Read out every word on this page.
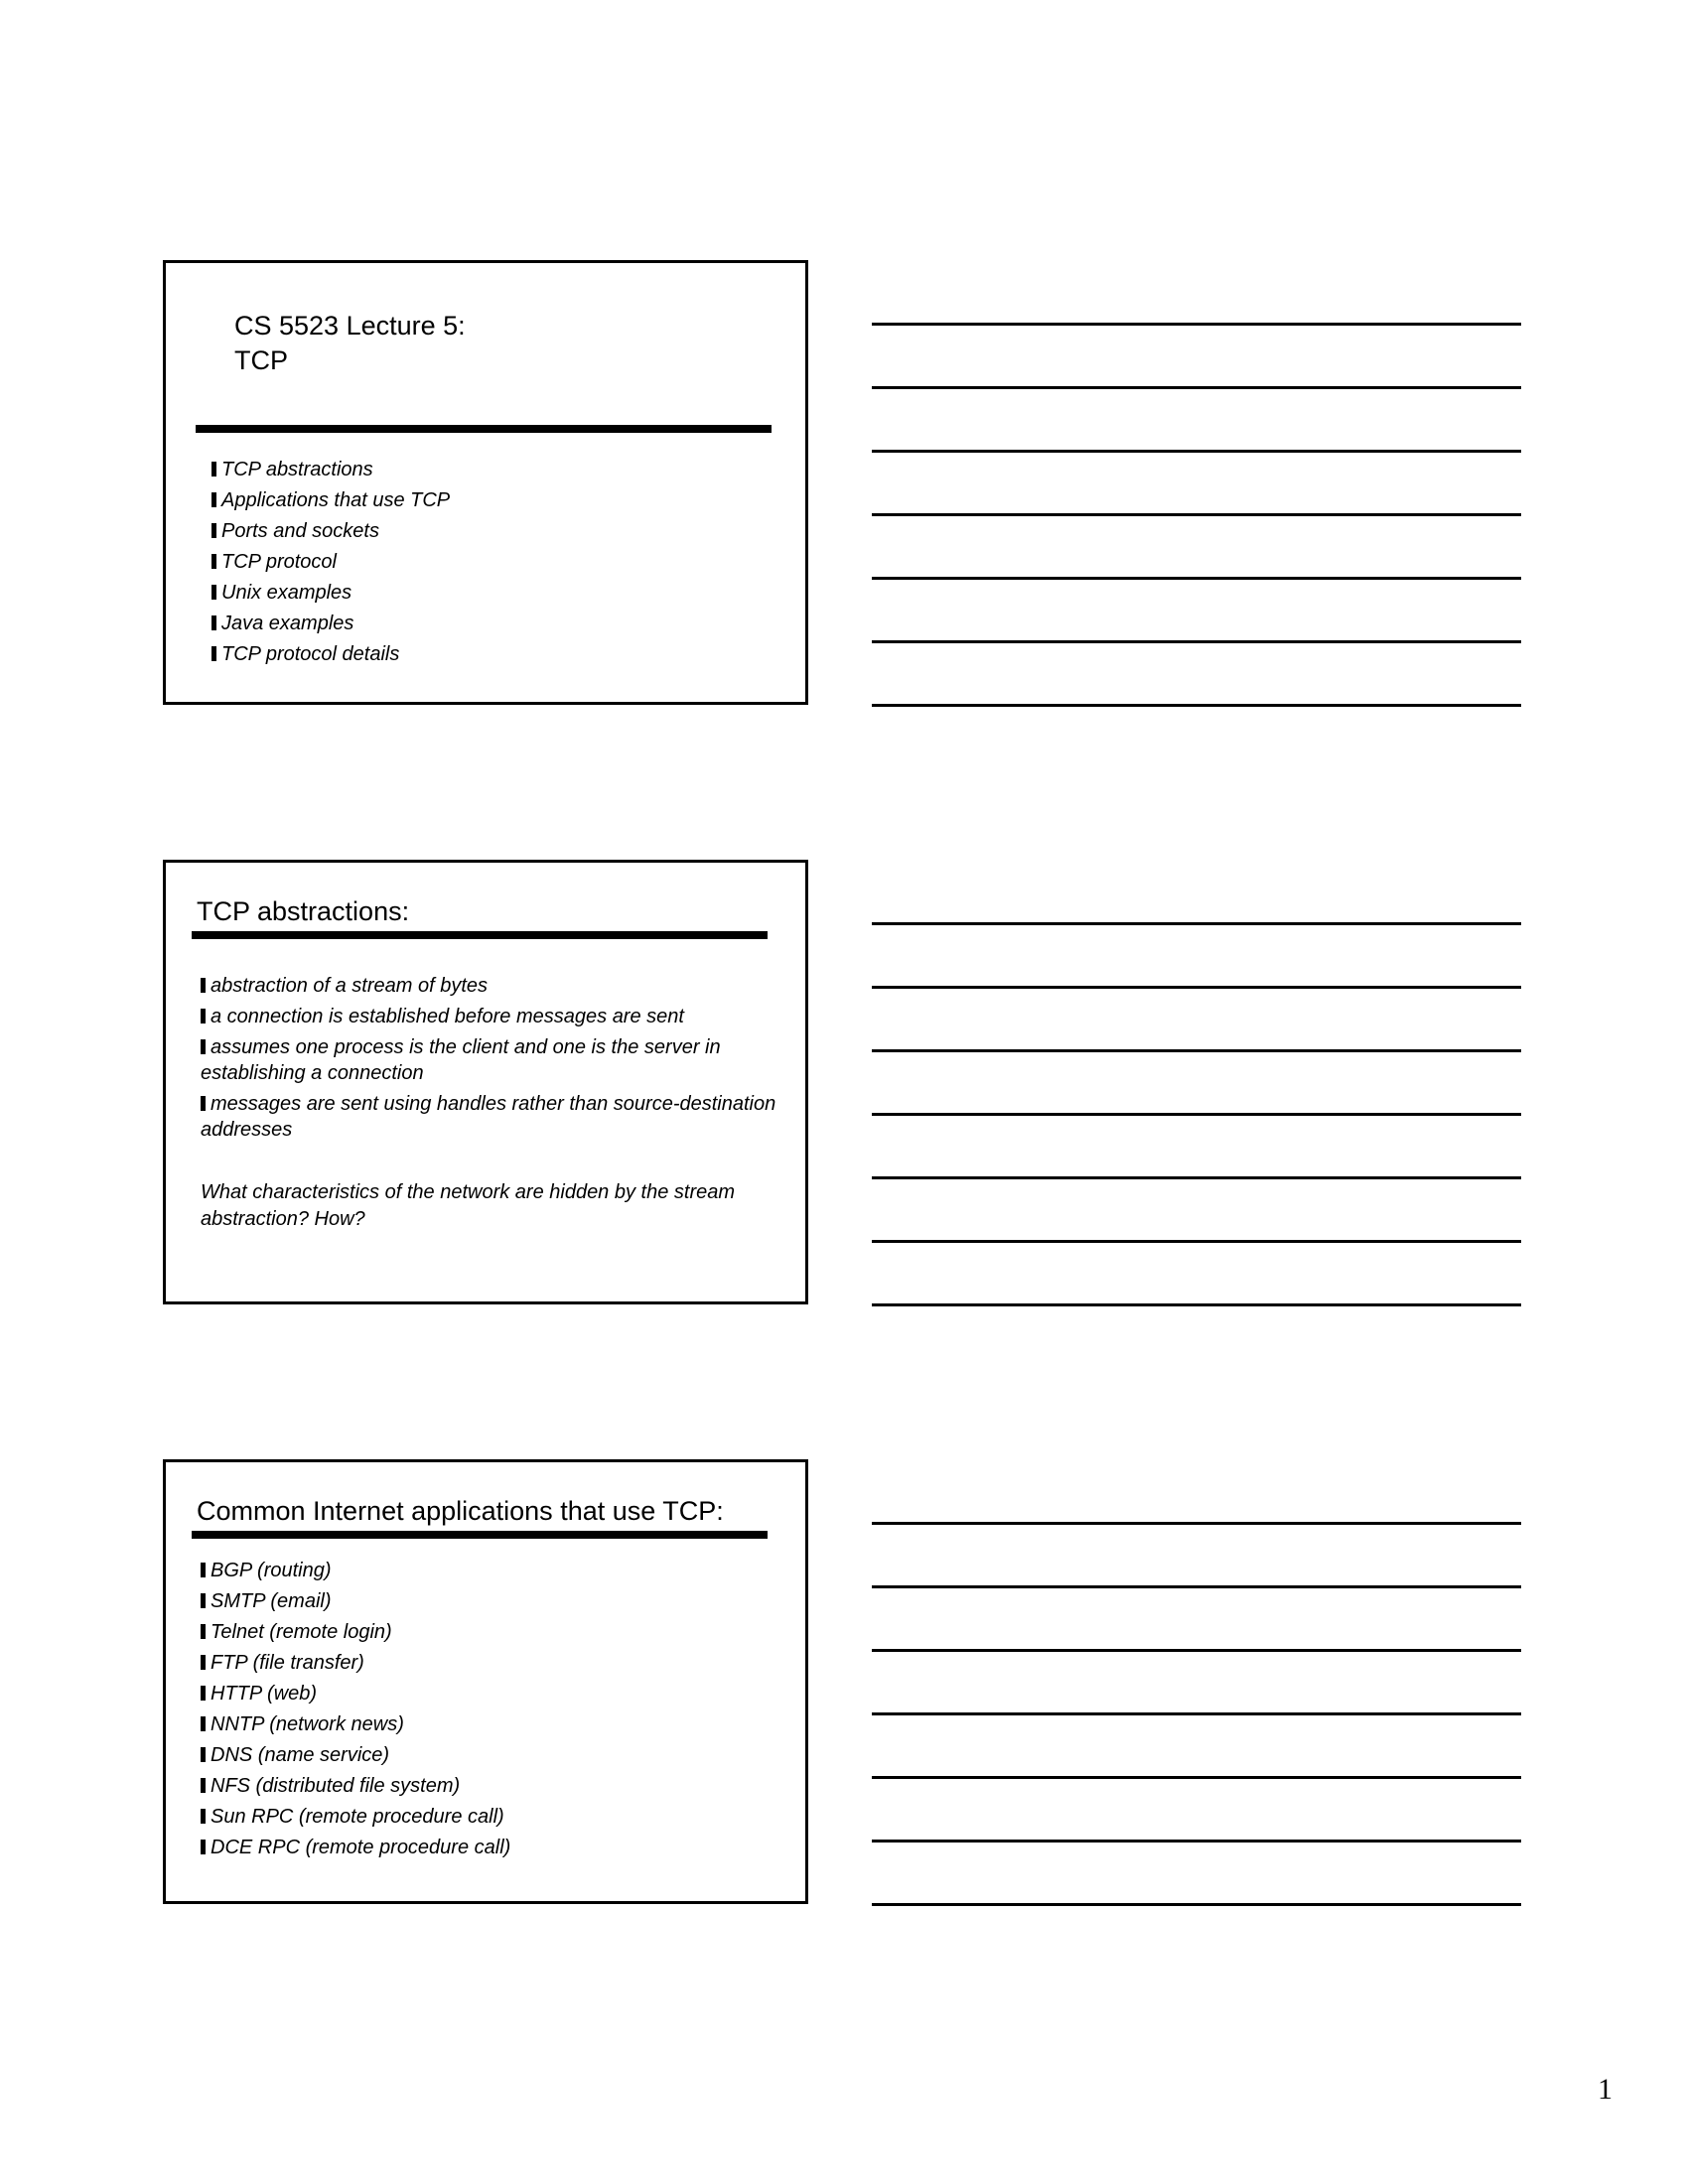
CS 5523 Lecture 5:
TCP
TCP abstractions
Applications that use TCP
Ports and sockets
TCP protocol
Unix examples
Java examples
TCP protocol details
TCP abstractions:
abstraction of a stream of bytes
a connection is established before messages are sent
assumes one process is the client and one is the server in establishing a connection
messages are sent using handles rather than source-destination addresses
What characteristics of the network are hidden by the stream abstraction? How?
Common Internet applications that use TCP:
BGP (routing)
SMTP (email)
Telnet (remote login)
FTP (file transfer)
HTTP (web)
NNTP (network news)
DNS (name service)
NFS (distributed file system)
Sun RPC (remote procedure call)
DCE RPC (remote procedure call)
1
